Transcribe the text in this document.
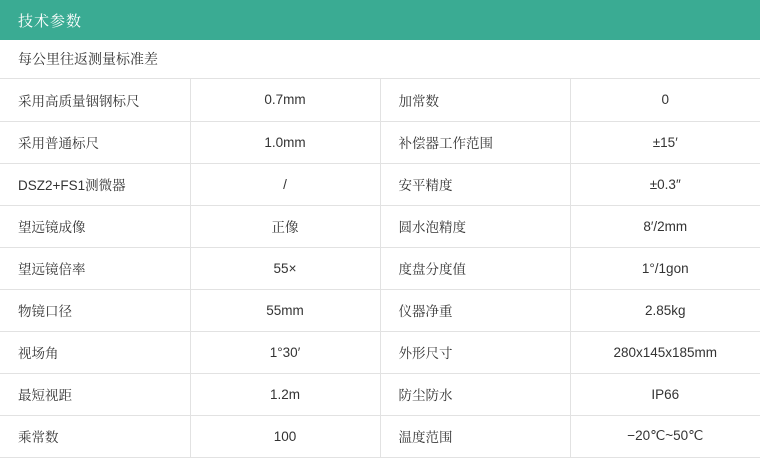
技术参数
每公里往返测量标准差
采用高质量铟钢标尺	0.7mm	加常数	0
采用普通标尺	1.0mm	补偿器工作范围	±15′
DSZ2+FS1测微器	/	安平精度	±0.3″
望远镜成像	正像	圆水泡精度	8′/2mm
望远镜倍率	55×	度盘分度值	1°/1gon
物镜口径	55mm	仪器净重	2.85kg
视场角	1°30′	外形尺寸	280x145x185mm
最短视距	1.2m	防尘防水	IP66
乘常数	100	温度范围	−20℃~50℃
